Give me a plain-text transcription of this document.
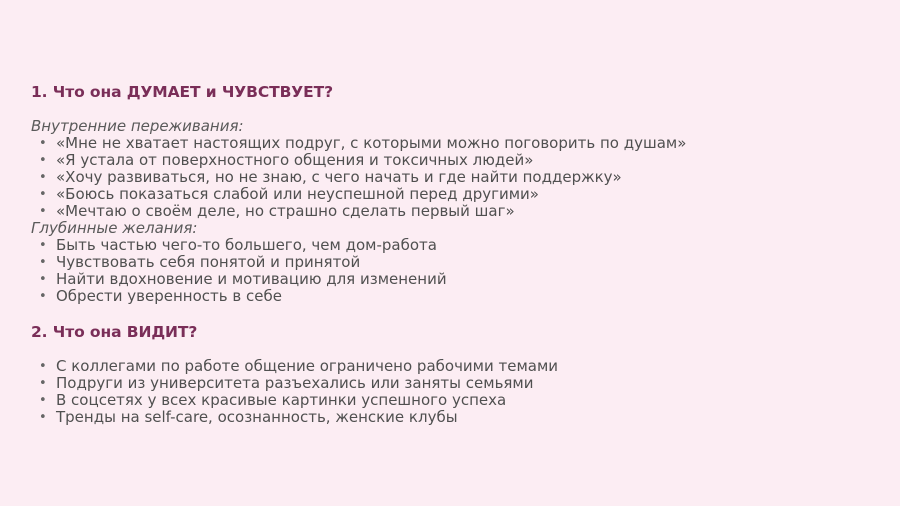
1. Что она ДУМАЕТ и ЧУВСТВУЕТ?

Внутренние переживания:

• «Мне не хватает настоящих подруг, с которыми можно поговорить по душам»
• «Я устала от поверхностного общения и токсичных людей»
• «Хочу развиваться, но не знаю, с чего начать и где найти поддержку»
• «Боюсь показаться слабой или неуспешной перед другими»
• «Мечтаю о своём деле, но страшно сделать первый шаг»

Глубинные желания:

• Быть частью чего-то большего, чем дом-работа
• Чувствовать себя понятой и принятой
• Найти вдохновение и мотивацию для изменений
• Обрести уверенность в себе
2. Что она ВИДИТ?
• С коллегами по работе общение ограничено рабочими темами
• Подруги из университета разъехались или заняты семьями
• В соцсетях у всех красивые картинки успешного успеха
• Тренды на self-care, осознанность, женские клубы
